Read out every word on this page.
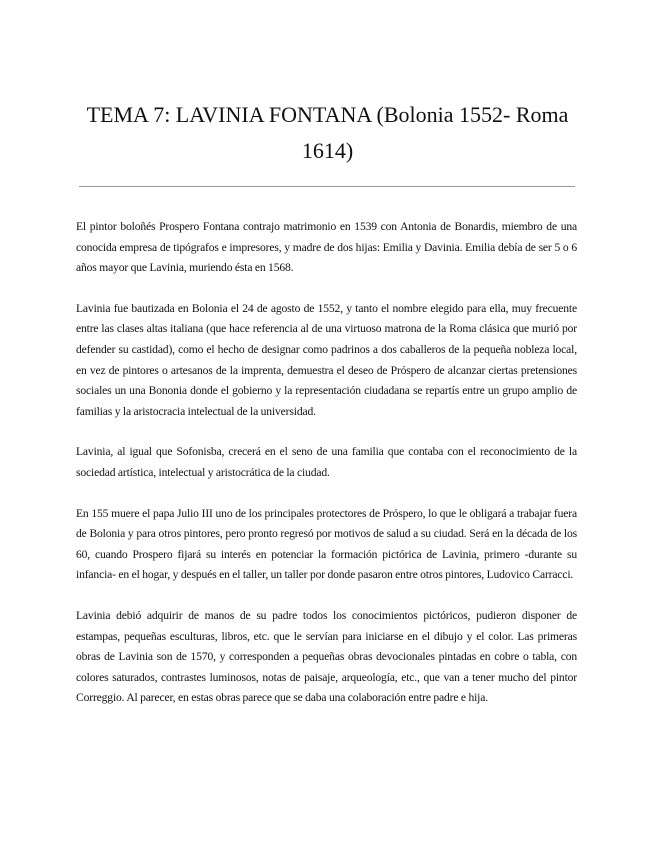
TEMA 7: LAVINIA FONTANA (Bolonia 1552- Roma 1614)

El pintor boloñés Prospero Fontana contrajo matrimonio en 1539 con Antonia de Bonardis, miembro de una conocida empresa de tipógrafos e impresores, y madre de dos hijas: Emilia y Davinia. Emilia debía de ser 5 o 6 años mayor que Lavinia, muriendo ésta en 1568.

Lavinia fue bautizada en Bolonia el 24 de agosto de 1552, y tanto el nombre elegido para ella, muy frecuente entre las clases altas italiana (que hace referencia al de una virtuoso matrona de la Roma clásica que murió por defender su castidad), como el hecho de designar como padrinos a dos caballeros de la pequeña nobleza local, en vez de pintores o artesanos de la imprenta, demuestra el deseo de Próspero de alcanzar ciertas pretensiones sociales un una Bononia donde el gobierno y la representación ciudadana se repartís entre un grupo amplio de familias y la aristocracia intelectual de la universidad.

Lavinia, al igual que Sofonisba, crecerá en el seno de una familia que contaba con el reconocimiento de la sociedad artística, intelectual y aristocrática de la ciudad.

En 155 muere el papa Julio III uno de los principales protectores de Próspero, lo que le obligará a trabajar fuera de Bolonia y para otros pintores, pero pronto regresó por motivos de salud a su ciudad. Será en la década de los 60, cuando Prospero fijará su interés en potenciar la formación pictórica de Lavinia, primero -durante su infancia- en el hogar, y después en el taller, un taller por donde pasaron entre otros pintores, Ludovico Carracci.

Lavinia debió adquirir de manos de su padre todos los conocimientos pictóricos, pudieron disponer de estampas, pequeñas esculturas, libros, etc. que le servían para iniciarse en el dibujo y el color. Las primeras obras de Lavinia son de 1570, y corresponden a pequeñas obras devocionales pintadas en cobre o tabla, con colores saturados, contrastes luminosos, notas de paisaje, arqueología, etc., que van a tener mucho del pintor Correggio. Al parecer, en estas obras parece que se daba una colaboración entre padre e hija.
